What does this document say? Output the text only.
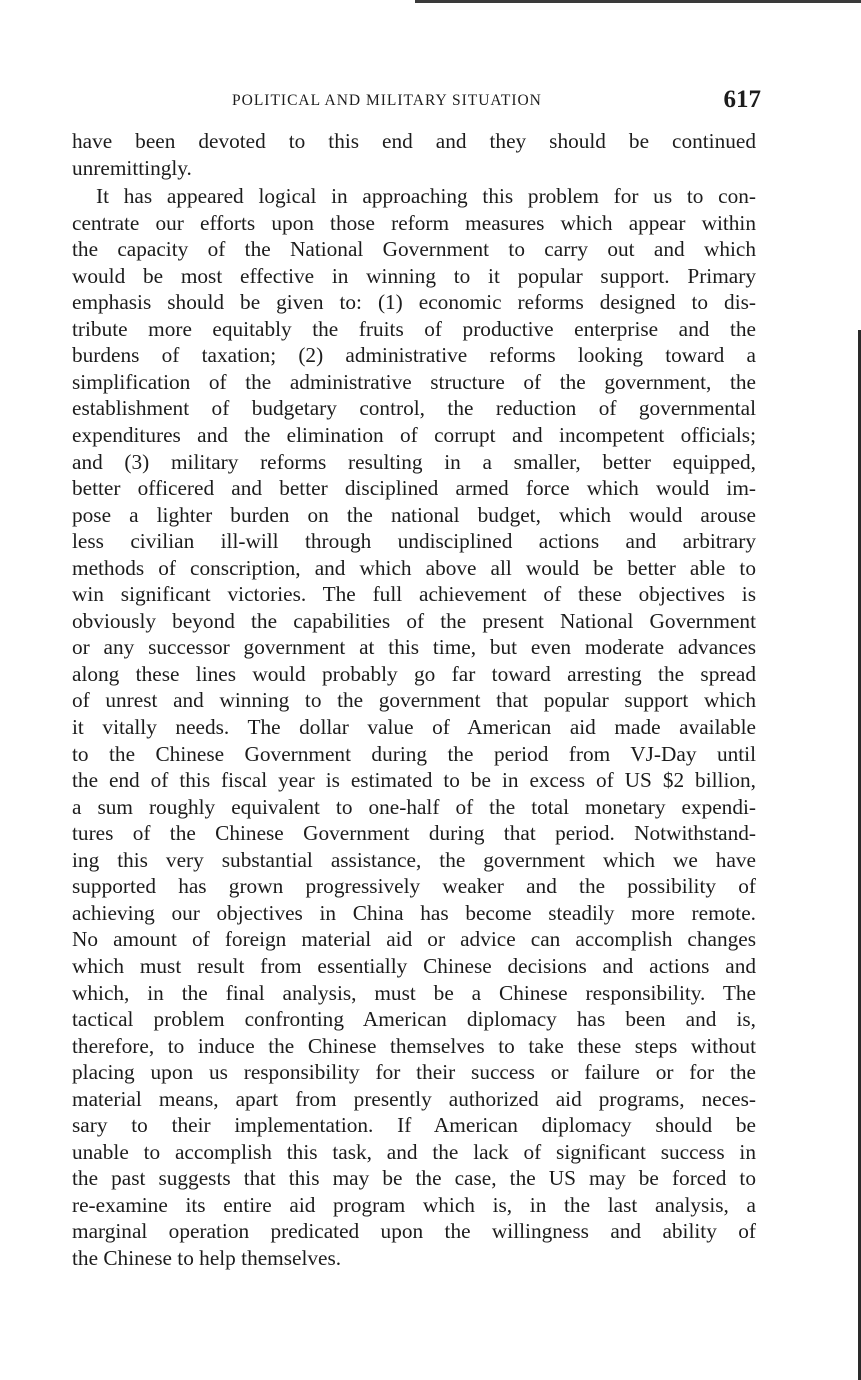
POLITICAL AND MILITARY SITUATION	617
have been devoted to this end and they should be continued
unremittingly.
It has appeared logical in approaching this problem for us to con-
centrate our efforts upon those reform measures which appear within
the capacity of the National Government to carry out and which
would be most effective in winning to it popular support. Primary
emphasis should be given to: (1) economic reforms designed to dis-
tribute more equitably the fruits of productive enterprise and the
burdens of taxation; (2) administrative reforms looking toward a
simplification of the administrative structure of the government, the
establishment of budgetary control, the reduction of governmental
expenditures and the elimination of corrupt and incompetent officials;
and (3) military reforms resulting in a smaller, better equipped,
better officered and better disciplined armed force which would im-
pose a lighter burden on the national budget, which would arouse
less civilian ill-will through undisciplined actions and arbitrary
methods of conscription, and which above all would be better able to
win significant victories. The full achievement of these objectives is
obviously beyond the capabilities of the present National Government
or any successor government at this time, but even moderate advances
along these lines would probably go far toward arresting the spread
of unrest and winning to the government that popular support which
it vitally needs. The dollar value of American aid made available
to the Chinese Government during the period from VJ-Day until
the end of this fiscal year is estimated to be in excess of US $2 billion,
a sum roughly equivalent to one-half of the total monetary expendi-
tures of the Chinese Government during that period. Notwithstand-
ing this very substantial assistance, the government which we have
supported has grown progressively weaker and the possibility of
achieving our objectives in China has become steadily more remote.
No amount of foreign material aid or advice can accomplish changes
which must result from essentially Chinese decisions and actions and
which, in the final analysis, must be a Chinese responsibility. The
tactical problem confronting American diplomacy has been and is,
therefore, to induce the Chinese themselves to take these steps without
placing upon us responsibility for their success or failure or for the
material means, apart from presently authorized aid programs, neces-
sary to their implementation. If American diplomacy should be
unable to accomplish this task, and the lack of significant success in
the past suggests that this may be the case, the US may be forced to
re-examine its entire aid program which is, in the last analysis, a
marginal operation predicated upon the willingness and ability of
the Chinese to help themselves.
